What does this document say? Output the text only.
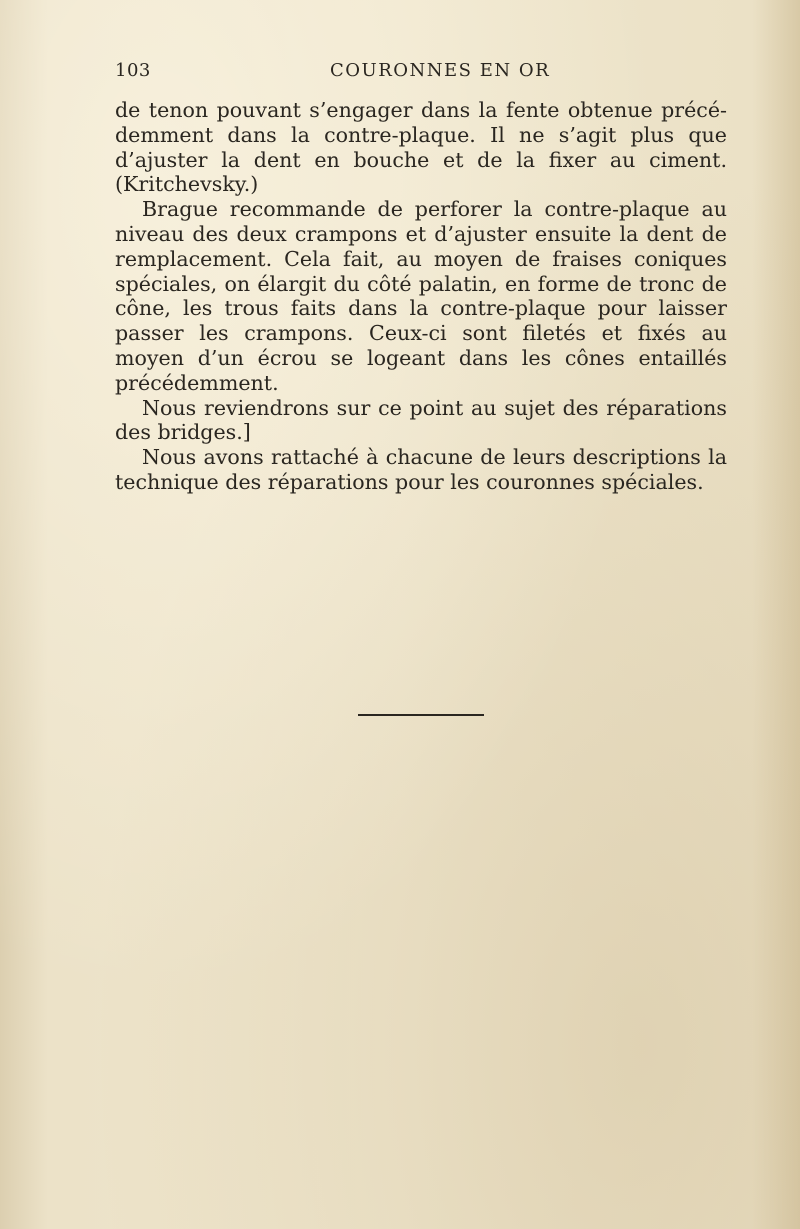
103	COURONNES EN OR

de tenon pouvant s’engager dans la fente obtenue précédemment dans la contre-plaque. Il ne s’agit plus que d’ajuster la dent en bouche et de la fixer au ciment. (Kritchevsky.)

Brague recommande de perforer la contre-plaque au niveau des deux crampons et d’ajuster ensuite la dent de remplacement. Cela fait, au moyen de fraises coniques spéciales, on élargit du côté palatin, en forme de tronc de cône, les trous faits dans la contre-plaque pour laisser passer les crampons. Ceux-ci sont filetés et fixés au moyen d’un écrou se logeant dans les cônes entaillés précédemment.

Nous reviendrons sur ce point au sujet des réparations des bridges.]

Nous avons rattaché à chacune de leurs descriptions la technique des réparations pour les couronnes spéciales.
